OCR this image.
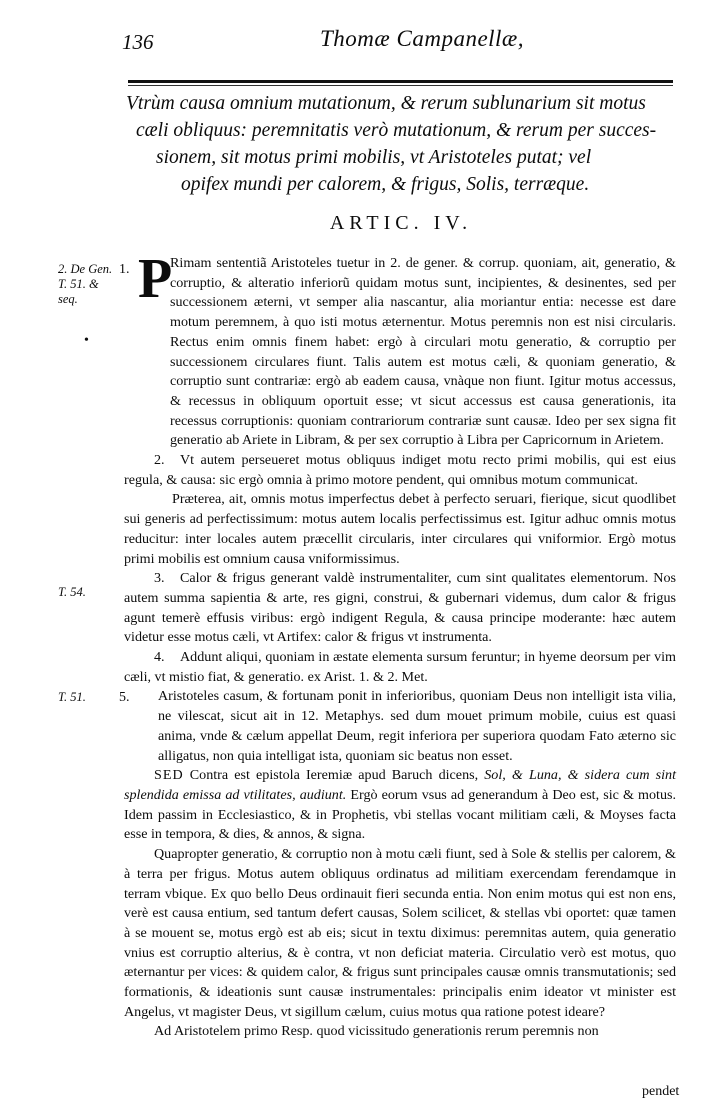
136	Thomæ Campanellæ,
Vtrùm causa omnium mutationum, & rerum sublunarium sit motus
cæli obliquus: peremnitatis verò mutationum, & rerum per succes-
sionem, sit motus primi mobilis, vt Aristoteles putat; vel
opifex mundi per calorem, & frigus, Solis, terræque.
ARTIC. IV.
2. De Gen.
T. 51. &
seq.
•
T. 54.
T. 51.
1.
5.
P

Rimam sententiã Aristoteles tuetur in 2. de gener. & corrup. quoniam, ait, generatio, & corruptio, & alteratio inferiorũ quidam motus sunt, incipientes, & desinentes, sed per successionem æterni, vt semper alia nascantur, alia moriantur entia: necesse est dare motum peremnem, à quo isti motus æternentur. Motus peremnis non est nisi circularis. Rectus enim omnis finem habet: ergò à circulari motu generatio, & corruptio per successionem circulares fiunt. Talis autem est motus cæli, & quoniam generatio, & corruptio sunt contrariæ: ergò ab eadem causa, vnàque non fiunt. Igitur motus accessus, & recessus in obliquum oportuit esse; vt sicut accessus est causa generationis, ita recessus corruptionis: quoniam contrariorum contrariæ sunt causæ. Ideo per sex signa fit generatio ab Ariete in Libram, & per sex corruptio à Libra per Capricornum in Arietem.

2. Vt autem perseueret motus obliquus indiget motu recto primi mobilis, qui est eius regula, & causa: sic ergò omnia à primo motore pendent, qui omnibus motum communicat.

Præterea, ait, omnis motus imperfectus debet à perfecto seruari, fierique, sicut quodlibet sui generis ad perfectissimum: motus autem localis perfectissimus est. Igitur adhuc omnis motus reducitur: inter locales autem præcellit circularis, inter circulares qui vniformior. Ergò motus primi mobilis est omnium causa vniformissimus.

3. Calor & frigus generant valdè instrumentaliter, cum sint qualitates elementorum. Nos autem summa sapientia & arte, res gigni, construi, & gubernari videmus, dum calor & frigus agunt temerè effusis viribus: ergò indigent Regula, & causa principe moderante: hæc autem videtur esse motus cæli, vt Artifex: calor & frigus vt instrumenta.

4. Addunt aliqui, quoniam in æstate elementa sursum feruntur; in hyeme deorsum per vim cæli, vt mistio fiat, & generatio. ex Arist. 1. & 2. Met.

Aristoteles casum, & fortunam ponit in inferioribus, quoniam Deus non intelligit ista vilia, ne vilescat, sicut ait in 12. Metaphys. sed dum mouet primum mobile, cuius est quasi anima, vnde & cælum appellat Deum, regit inferiora per superiora quodam Fato æterno sic alligatus, non quia intelligat ista, quoniam sic beatus non esset.

SED Contra est epistola Ieremiæ apud Baruch dicens, Sol, & Luna, & sidera cum sint splendida emissa ad vtilitates, audiunt. Ergò eorum vsus ad generandum à Deo est, sic & motus. Idem passim in Ecclesiastico, & in Prophetis, vbi stellas vocant militiam cæli, & Moyses facta esse in tempora, & dies, & annos, & signa.

Quapropter generatio, & corruptio non à motu cæli fiunt, sed à Sole & stellis per calorem, & à terra per frigus. Motus autem obliquus ordinatus ad militiam exercendam ferendamque in terram vbique. Ex quo bello Deus ordinauit fieri secunda entia. Non enim motus qui est non ens, verè est causa entium, sed tantum defert causas, Solem scilicet, & stellas vbi oportet: quæ tamen à se mouent se, motus ergò est ab eis; sicut in textu diximus: peremnitas autem, quia generatio vnius est corruptio alterius, & è contra, vt non deficiat materia. Circulatio verò est motus, quo æternantur per vices: & quidem calor, & frigus sunt principales causæ omnis transmutationis; sed formationis, & ideationis sunt causæ instrumentales: principalis enim ideator vt minister est Angelus, vt magister Deus, vt sigillum cælum, cuius motus qua ratione potest ideare?

Ad Aristotelem primo Resp. quod vicissitudo generationis rerum peremnis non

pendet
